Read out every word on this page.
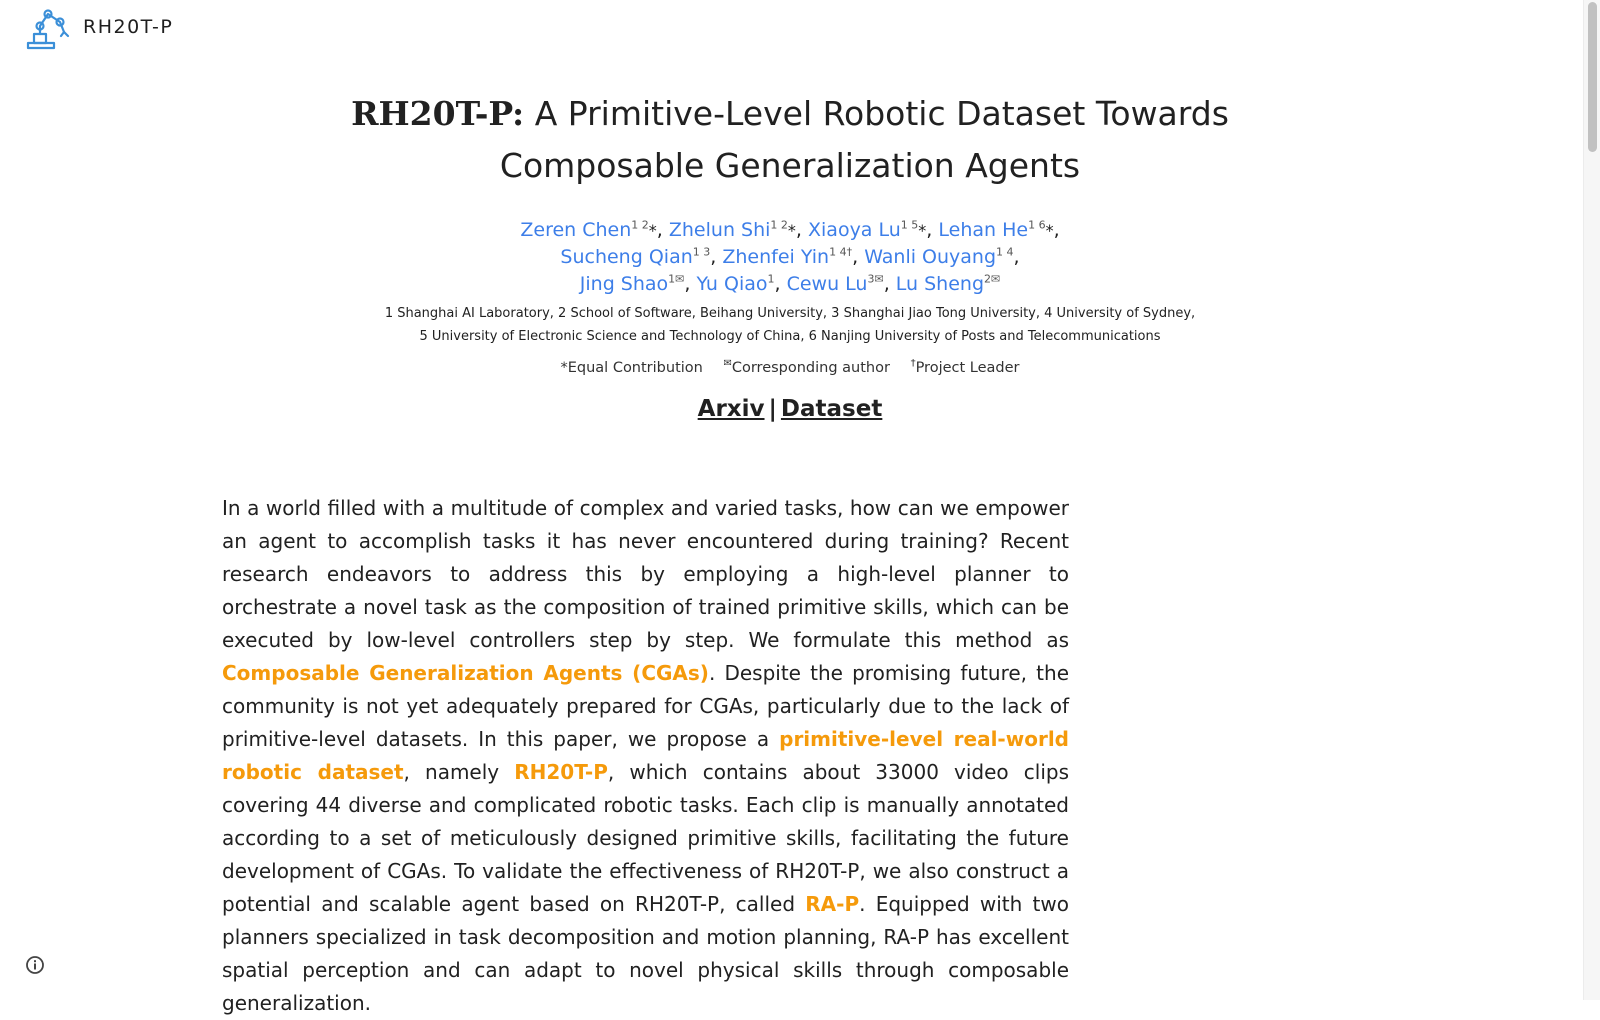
RH20T-P
RH20T-P: A Primitive-Level Robotic Dataset Towards
Composable Generalization Agents
Zeren Chen$^{1 2}$*, Zhelun Shi$^{1 2}$*, Xiaoya Lu$^{1 5}$*, Lehan He$^{1 6}$*,
Sucheng Qian$^{1 3}$, Zhenfei Yin$^{1 4\dagger}$, Wanli Ouyang$^{1 4}$,
Jing Shao$^{1✉}$, Yu Qiao$^1$, Cewu Lu$^{3✉}$, Lu Sheng$^{2✉}$
1 Shanghai AI Laboratory, 2 School of Software, Beihang University, 3 Shanghai Jiao Tong University, 4 University of Sydney,
5 University of Electronic Science and Technology of China, 6 Nanjing University of Posts and Telecommunications
*Equal Contribution ✉Corresponding author †Project Leader
Arxiv | Dataset

In a world filled with a multitude of complex and varied tasks, how can we empower an agent to accomplish tasks it has never encountered during training? Recent research endeavors to address this by employing a high-level planner to orchestrate a novel task as the composition of trained primitive skills, which can be executed by low-level controllers step by step. We formulate this method as Composable Generalization Agents (CGAs). Despite the promising future, the community is not yet adequately prepared for CGAs, particularly due to the lack of primitive-level datasets. In this paper, we propose a primitive-level real-world robotic dataset, namely RH20T-P, which contains about 33000 video clips covering 44 diverse and complicated robotic tasks. Each clip is manually annotated according to a set of meticulously designed primitive skills, facilitating the future development of CGAs. To validate the effectiveness of RH20T-P, we also construct a potential and scalable agent based on RH20T-P, called RA-P. Equipped with two planners specialized in task decomposition and motion planning, RA-P has excellent spatial perception and can adapt to novel physical skills through composable generalization.
